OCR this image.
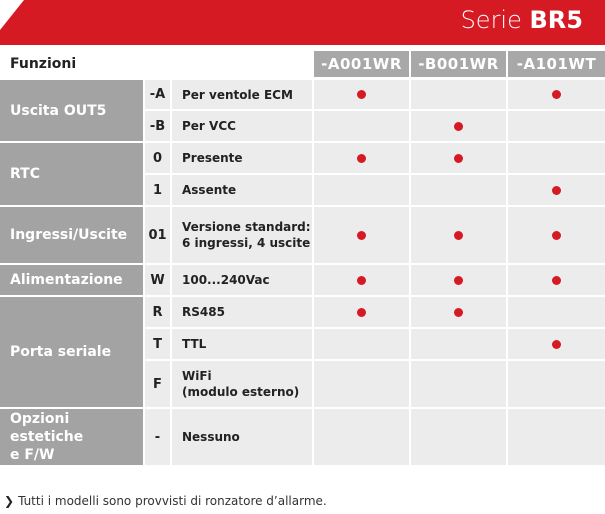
Serie BR5
Funzioni	-A001WR -B001WR -A101WT
-A Per ventole ECM
-B Per VCC
Uscita OUT5
0 Presente
1 Assente
RTC
01
Versione standard:
6 ingressi, 4 uscite
Ingressi/Uscite
W 100...240Vac
Alimentazione
R RS485
T TTL
F
WiFi
(modulo esterno)
Porta seriale
- Nessuno
Opzioni estetiche
e F/W
❯ Tutti i modelli sono provvisti di ronzatore d’allarme.
